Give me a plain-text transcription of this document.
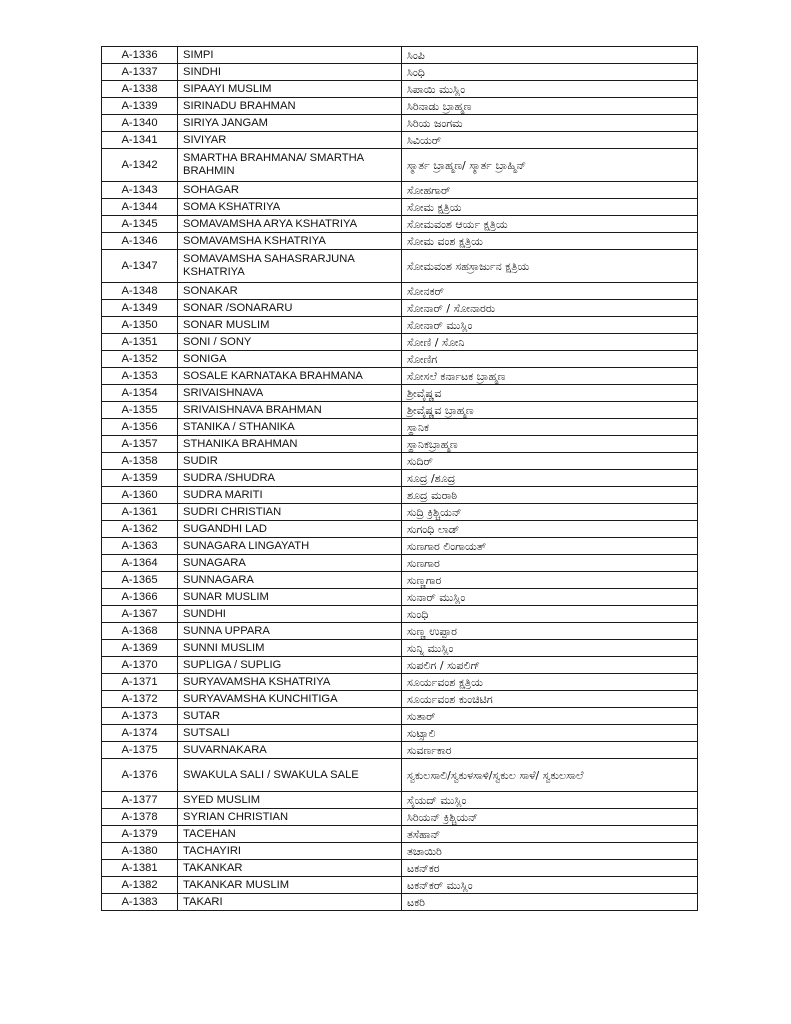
A-1336	SIMPI	ಸಿಂಪಿ
A-1337	SINDHI	ಸಿಂಧಿ
A-1338	SIPAAYI MUSLIM	ಸಿಪಾಯಿ ಮುಸ್ಲಿಂ
A-1339	SIRINADU BRAHMAN	ಸಿರಿನಾಡು ಬ್ರಾಹ್ಮಣ
A-1340	SIRIYA JANGAM	ಸಿರಿಯ ಜಂಗಮ
A-1341	SIVIYAR	ಸಿವಿಯರ್
A-1342	SMARTHA BRAHMANA/ SMARTHA BRAHMIN	ಸ್ಮಾರ್ತ ಬ್ರಾಹ್ಮಣ/ ಸ್ಮಾರ್ತ ಬ್ರಾಹ್ಮಿನ್
A-1343	SOHAGAR	ಸೋಹಗಾರ್
A-1344	SOMA KSHATRIYA	ಸೋಮ ಕ್ಷತ್ರಿಯ
A-1345	SOMAVAMSHA ARYA KSHATRIYA	ಸೋಮವಂಶ ಆರ್ಯ ಕ್ಷತ್ರಿಯ
A-1346	SOMAVAMSHA KSHATRIYA	ಸೋಮ ವಂಶ ಕ್ಷತ್ರಿಯ
A-1347	SOMAVAMSHA SAHASRARJUNA KSHATRIYA	ಸೋಮವಂಶ ಸಹಸ್ರಾರ್ಜುನ ಕ್ಷತ್ರಿಯ
A-1348	SONAKAR	ಸೋನಕರ್
A-1349	SONAR /SONARARU	ಸೋನಾರ್ / ಸೋನಾರರು
A-1350	SONAR MUSLIM	ಸೋನಾರ್ ಮುಸ್ಲಿಂ
A-1351	SONI / SONY	ಸೋಣಿ / ಸೋನಿ
A-1352	SONIGA	ಸೋಣಿಗ
A-1353	SOSALE KARNATAKA BRAHMANA	ಸೋಸಲೆ ಕರ್ನಾಟಕ ಬ್ರಾಹ್ಮಣ
A-1354	SRIVAISHNAVA	ಶ್ರೀವೈಷ್ಣವ
A-1355	SRIVAISHNAVA BRAHMAN	ಶ್ರೀವೈಷ್ಣವ ಬ್ರಾಹ್ಮಣ
A-1356	STANIKA / STHANIKA	ಸ್ಥಾನಿಕ
A-1357	STHANIKA BRAHMAN	ಸ್ಥಾನಿಕಬ್ರಾಹ್ಮಣ
A-1358	SUDIR	ಸುದಿರ್
A-1359	SUDRA /SHUDRA	ಸೂದ್ರ /ಶೂದ್ರ
A-1360	SUDRA MARITI	ಶೂದ್ರ ಮರಾಠಿ
A-1361	SUDRI CHRISTIAN	ಸುದ್ರಿ ಕ್ರಿಶ್ಚಿಯನ್
A-1362	SUGANDHI LAD	ಸುಗಂಧಿ ಲಾಡ್
A-1363	SUNAGARA LINGAYATH	ಸುಣಗಾರ ಲಿಂಗಾಯತ್
A-1364	SUNAGARA	ಸುಣಗಾರ
A-1365	SUNNAGARA	ಸುಣ್ಣಗಾರ
A-1366	SUNAR MUSLIM	ಸುನಾರ್ ಮುಸ್ಲಿಂ
A-1367	SUNDHI	ಸುಂಧಿ
A-1368	SUNNA UPPARA	ಸುಣ್ಣ ಉಪ್ಪಾರ
A-1369	SUNNI MUSLIM	ಸುನ್ನಿ ಮುಸ್ಲಿಂ
A-1370	SUPLIGA / SUPLIG	ಸುಪಲಿಗ / ಸುಪಲಿಗ್
A-1371	SURYAVAMSHA KSHATRIYA	ಸೂರ್ಯವಂಶ ಕ್ಷತ್ರಿಯ
A-1372	SURYAVAMSHA KUNCHITIGA	ಸೂರ್ಯವಂಶ ಕುಂಚಿಟಿಗ
A-1373	SUTAR	ಸುತಾರ್
A-1374	SUTSALI	ಸುಟ್ಸಾಲಿ
A-1375	SUVARNAKARA	ಸುವರ್ಣಕಾರ
A-1376	SWAKULA SALI / SWAKULA SALE	ಸ್ವಕುಲಸಾಲಿ/ಸ್ವಕುಳಸಾಳಿ/ಸ್ವಕುಲ ಸಾಳೆ/ ಸ್ವಕುಲಸಾಲೆ
A-1377	SYED MUSLIM	ಸೈಯದ್ ಮುಸ್ಲಿಂ
A-1378	SYRIAN CHRISTIAN	ಸಿರಿಯನ್ ಕ್ರಿಶ್ಚಿಯನ್
A-1379	TACEHAN	ತಸೆಹಾನ್
A-1380	TACHAYIRI	ತಚಾಯಿರಿ
A-1381	TAKANKAR	ಟಕನ್‌ಕರ
A-1382	TAKANKAR MUSLIM	ಟಕನ್‌ಕರ್ ಮುಸ್ಲಿಂ
A-1383	TAKARI	ಟಕರಿ
